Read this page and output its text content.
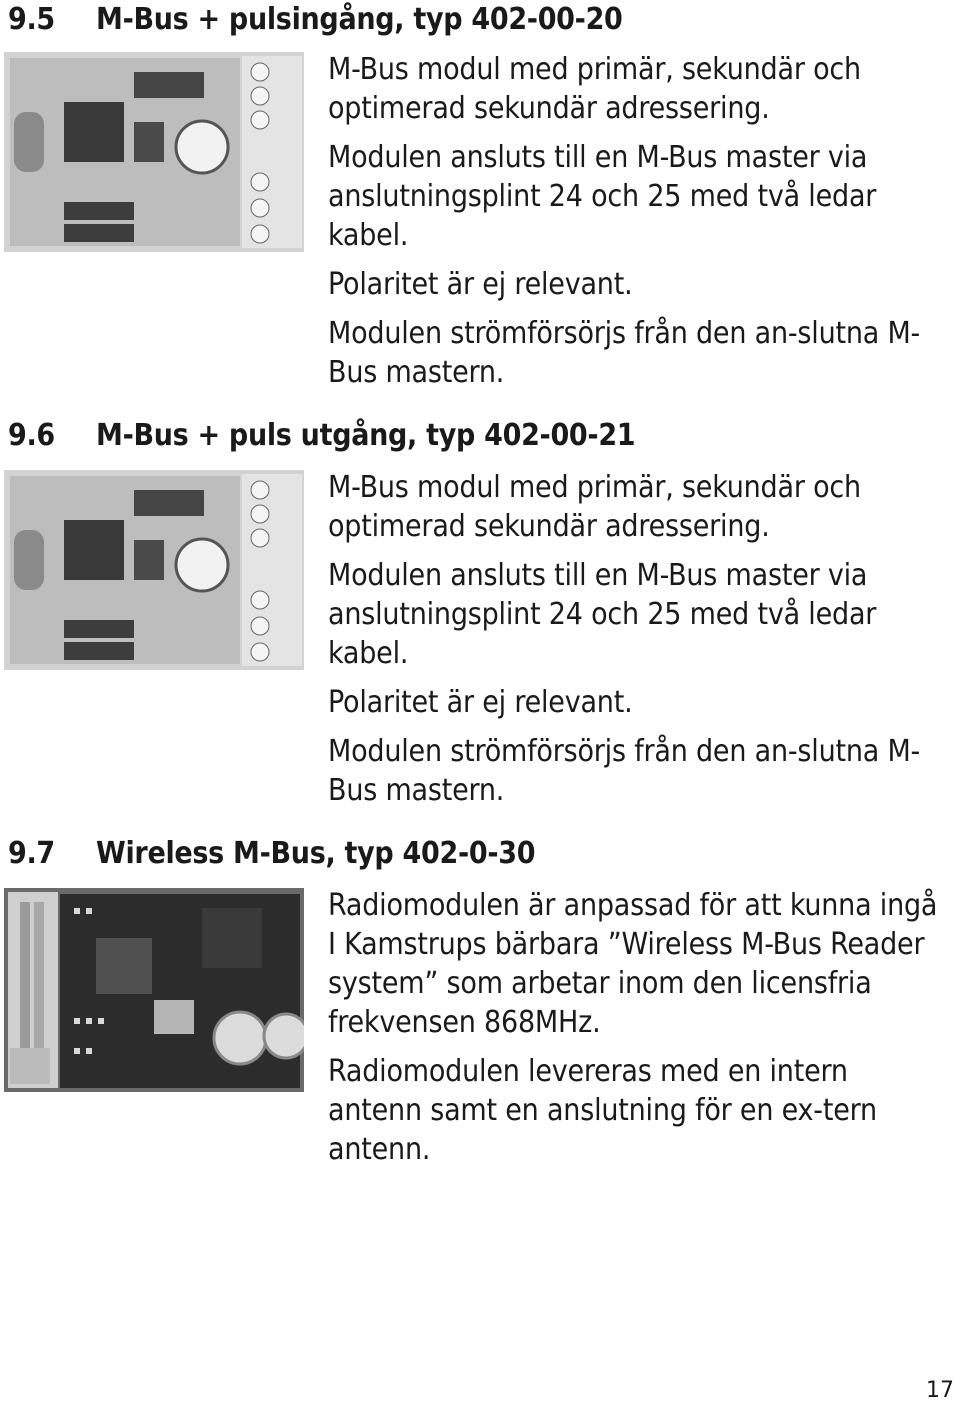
9.5 M-Bus + pulsingång, typ 402-00-20

M-Bus modul med primär, sekundär och optimerad sekundär adressering.

Modulen ansluts till en M-Bus master via anslutningsplint 24 och 25 med två ledar kabel.

Polaritet är ej relevant.

Modulen strömförsörjs från den an-slutna M-Bus mastern.

9.6 M-Bus + puls utgång, typ 402-00-21

M-Bus modul med primär, sekundär och optimerad sekundär adressering.

Modulen ansluts till en M-Bus master via anslutningsplint 24 och 25 med två ledar kabel.

Polaritet är ej relevant.

Modulen strömförsörjs från den an-slutna M-Bus mastern.

9.7 Wireless M-Bus, typ 402-0-30

Radiomodulen är anpassad för att kunna ingå I Kamstrups bärbara ”Wireless M-Bus Reader system” som arbetar inom den licensfria frekvensen 868MHz.

Radiomodulen levereras med en intern antenn samt en anslutning för en ex-tern antenn.

17
